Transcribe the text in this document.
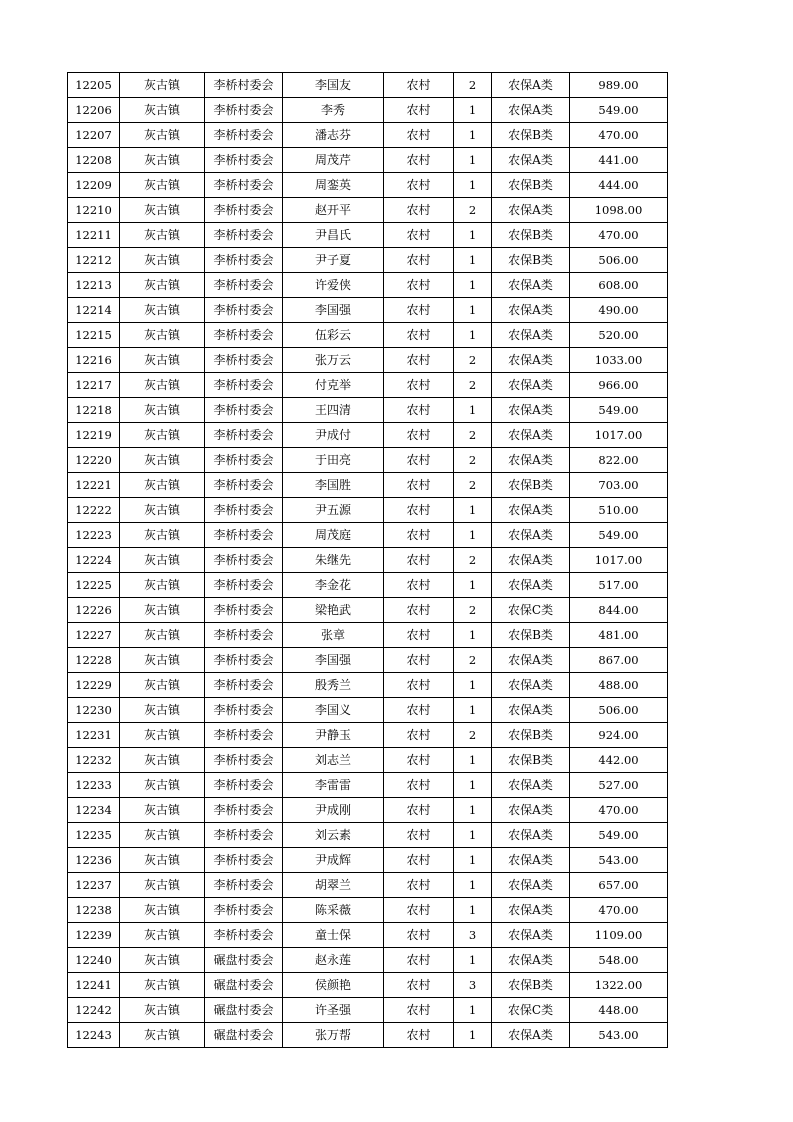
12205	灰古镇	李桥村委会	李国友	农村	2	农保A类	989.00
12206	灰古镇	李桥村委会	李秀	农村	1	农保A类	549.00
12207	灰古镇	李桥村委会	潘志芬	农村	1	农保B类	470.00
12208	灰古镇	李桥村委会	周茂芹	农村	1	农保A类	441.00
12209	灰古镇	李桥村委会	周銮英	农村	1	农保B类	444.00
12210	灰古镇	李桥村委会	赵开平	农村	2	农保A类	1098.00
12211	灰古镇	李桥村委会	尹昌氏	农村	1	农保B类	470.00
12212	灰古镇	李桥村委会	尹子夏	农村	1	农保B类	506.00
12213	灰古镇	李桥村委会	许爱侠	农村	1	农保A类	608.00
12214	灰古镇	李桥村委会	李国强	农村	1	农保A类	490.00
12215	灰古镇	李桥村委会	伍彩云	农村	1	农保A类	520.00
12216	灰古镇	李桥村委会	张万云	农村	2	农保A类	1033.00
12217	灰古镇	李桥村委会	付克举	农村	2	农保A类	966.00
12218	灰古镇	李桥村委会	王四清	农村	1	农保A类	549.00
12219	灰古镇	李桥村委会	尹成付	农村	2	农保A类	1017.00
12220	灰古镇	李桥村委会	于田亮	农村	2	农保A类	822.00
12221	灰古镇	李桥村委会	李国胜	农村	2	农保B类	703.00
12222	灰古镇	李桥村委会	尹五源	农村	1	农保A类	510.00
12223	灰古镇	李桥村委会	周茂庭	农村	1	农保A类	549.00
12224	灰古镇	李桥村委会	朱继先	农村	2	农保A类	1017.00
12225	灰古镇	李桥村委会	李金花	农村	1	农保A类	517.00
12226	灰古镇	李桥村委会	梁艳武	农村	2	农保C类	844.00
12227	灰古镇	李桥村委会	张章	农村	1	农保B类	481.00
12228	灰古镇	李桥村委会	李国强	农村	2	农保A类	867.00
12229	灰古镇	李桥村委会	殷秀兰	农村	1	农保A类	488.00
12230	灰古镇	李桥村委会	李国义	农村	1	农保A类	506.00
12231	灰古镇	李桥村委会	尹静玉	农村	2	农保B类	924.00
12232	灰古镇	李桥村委会	刘志兰	农村	1	农保B类	442.00
12233	灰古镇	李桥村委会	李雷雷	农村	1	农保A类	527.00
12234	灰古镇	李桥村委会	尹成刚	农村	1	农保A类	470.00
12235	灰古镇	李桥村委会	刘云素	农村	1	农保A类	549.00
12236	灰古镇	李桥村委会	尹成辉	农村	1	农保A类	543.00
12237	灰古镇	李桥村委会	胡翠兰	农村	1	农保A类	657.00
12238	灰古镇	李桥村委会	陈采薇	农村	1	农保A类	470.00
12239	灰古镇	李桥村委会	童士保	农村	3	农保A类	1109.00
12240	灰古镇	碾盘村委会	赵永莲	农村	1	农保A类	548.00
12241	灰古镇	碾盘村委会	侯颜艳	农村	3	农保B类	1322.00
12242	灰古镇	碾盘村委会	许圣强	农村	1	农保C类	448.00
12243	灰古镇	碾盘村委会	张万帮	农村	1	农保A类	543.00
